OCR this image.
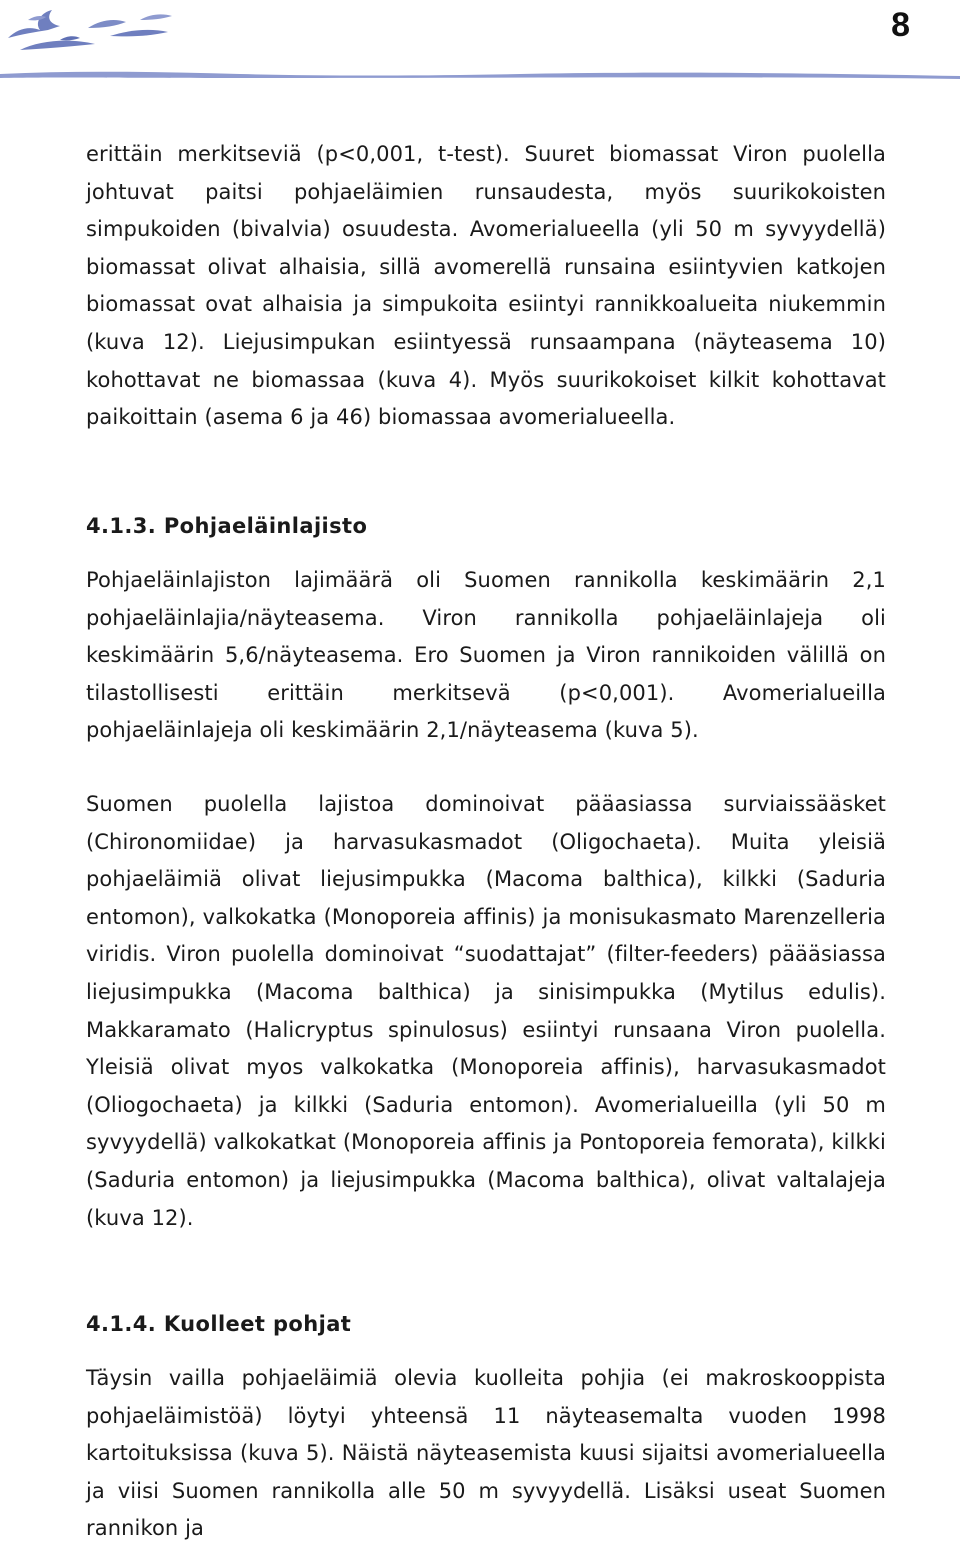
8

erittäin merkitseviä (p<0,001, t-test). Suuret biomassat Viron puolella johtuvat paitsi pohjaeläimien runsaudesta, myös suurikokoisten simpukoiden (bivalvia) osuudesta. Avomerialueella (yli 50 m syvyydellä) biomassat olivat alhaisia, sillä avomerellä runsaina esiintyvien katkojen biomassat ovat alhaisia ja simpukoita esiintyi rannikkoalueita niukemmin (kuva 12). Liejusimpukan esiintyessä runsaampana (näyteasema 10) kohottavat ne biomassaa (kuva 4). Myös suurikokoiset kilkit kohottavat paikoittain (asema 6 ja 46) biomassaa avomerialueella.

4.1.3. Pohjaeläinlajisto

Pohjaeläinlajiston lajimäärä oli Suomen rannikolla keskimäärin 2,1 pohjaeläinlajia/näyteasema. Viron rannikolla pohjaeläinlajeja oli keskimäärin 5,6/näyteasema. Ero Suomen ja Viron rannikoiden välillä on tilastollisesti erittäin merkitsevä (p<0,001). Avomerialueilla pohjaeläinlajeja oli keskimäärin 2,1/näyteasema (kuva 5).

Suomen puolella lajistoa dominoivat pääasiassa surviaissääsket (Chironomiidae) ja harvasukasmadot (Oligochaeta). Muita yleisiä pohjaeläimiä olivat liejusimpukka (Macoma balthica), kilkki (Saduria entomon), valkokatka (Monoporeia affinis) ja monisukasmato Marenzelleria viridis. Viron puolella dominoivat “suodattajat” (filter-feeders) päääsiassa liejusimpukka (Macoma balthica) ja sinisimpukka (Mytilus edulis). Makkaramato (Halicryptus spinulosus) esiintyi runsaana Viron puolella. Yleisiä olivat myos valkokatka (Monoporeia affinis), harvasukasmadot (Oliogochaeta) ja kilkki (Saduria entomon). Avomerialueilla (yli 50 m syvyydellä) valkokatkat (Monoporeia affinis ja Pontoporeia femorata), kilkki (Saduria entomon) ja liejusimpukka (Macoma balthica), olivat valtalajeja (kuva 12).

4.1.4. Kuolleet pohjat

Täysin vailla pohjaeläimiä olevia kuolleita pohjia (ei makroskooppista pohjaeläimistöä) löytyi yhteensä 11 näyteasemalta vuoden 1998 kartoituksissa (kuva 5). Näistä näyteasemista kuusi sijaitsi avomerialueella ja viisi Suomen rannikolla alle 50 m syvyydellä. Lisäksi useat Suomen rannikon ja
